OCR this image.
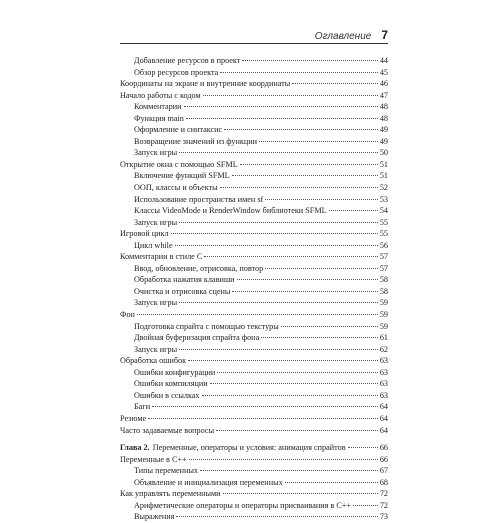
Оглавление 7
Добавление ресурсов в проект	44
Обзор ресурсов проекта	45
Координаты на экране и внутренние координаты	46
Начало работы с кодом	47
Комментарии	48
Функция main	48
Оформление и синтаксис	49
Возвращение значений из функции	49
Запуск игры	50
Открытие окна с помощью SFML	51
Включение функций SFML	51
ООП, классы и объекты	52
Использование пространства имен sf	53
Классы VideoMode и RenderWindow библиотеки SFML	54
Запуск игры	55
Игровой цикл	55
Цикл while	56
Комментарии в стиле C	57
Ввод, обновление, отрисовка, повтор	57
Обработка нажатия клавиши	58
Очистка и отрисовка сцены	58
Запуск игры	59
Фон	59
Подготовка спрайта с помощью текстуры	59
Двойная буферизация спрайта фона	61
Запуск игры	62
Обработка ошибок	63
Ошибки конфигурации	63
Ошибки компиляции	63
Ошибки в ссылках	63
Баги	64
Резюме	64
Часто задаваемые вопросы	64
Глава 2. Переменные, операторы и условия: анимация спрайтов	66
Переменные в C++	66
Типы переменных	67
Объявление и инициализация переменных	68
Как управлять переменными	72
Арифметические операторы и операторы присваивания в C++	72
Выражения	73
